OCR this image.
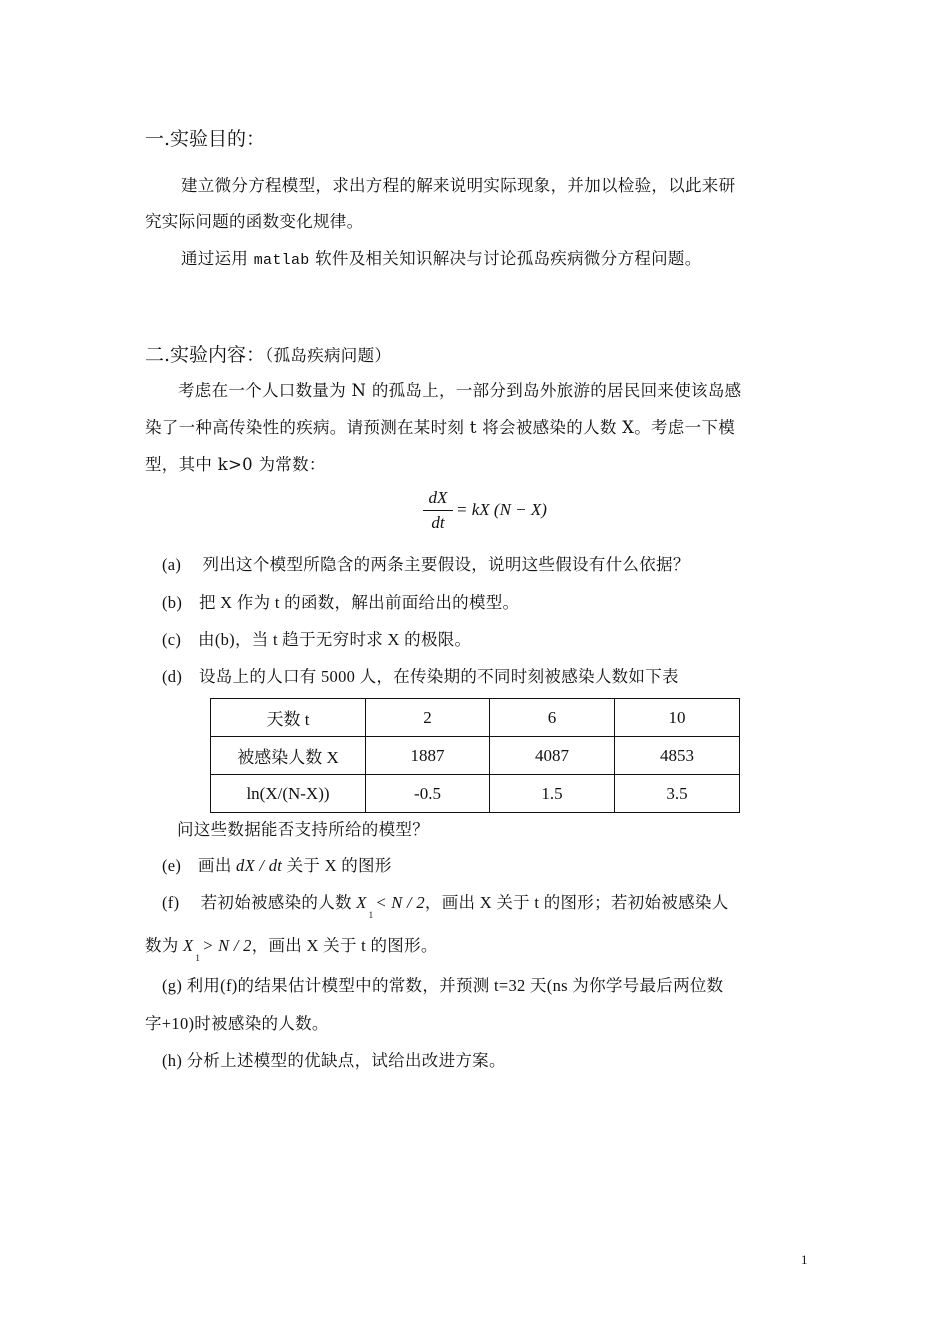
一.实验目的：
建立微分方程模型，求出方程的解来说明实际现象，并加以检验，以此来研
究实际问题的函数变化规律。
通过运用 matlab 软件及相关知识解决与讨论孤岛疾病微分方程问题。
二.实验内容：（孤岛疾病问题）
考虑在一个人口数量为 N 的孤岛上，一部分到岛外旅游的居民回来使该岛感
染了一种高传染性的疾病。请预测在某时刻 t 将会被感染的人数 X。考虑一下模
型，其中 k>0 为常数：
dX
dt
= kX (N − X)
(a)　 列出这个模型所隐含的两条主要假设，说明这些假设有什么依据？
(b)　把 X 作为 t 的函数，解出前面给出的模型。
(c)　由(b)，当 t 趋于无穷时求 X 的极限。
(d)　设岛上的人口有 5000 人，在传染期的不同时刻被感染人数如下表
天数 t	2	6	10
被感染人数 X	1887	4087	4853
ln(X/(N-X))	-0.5	1.5	3.5
问这些数据能否支持所给的模型？
(e)　画出 dX / dt 关于 X 的图形
(f)　 若初始被感染的人数 $X_1< N / 2$，画出 X 关于 t 的图形；若初始被感染人
数为 $X_1> N / 2$，画出 X 关于 t 的图形。
(g) 利用(f)的结果估计模型中的常数，并预测 t=32 天(ns 为你学号最后两位数
字+10)时被感染的人数。
(h) 分析上述模型的优缺点，试给出改进方案。
1
